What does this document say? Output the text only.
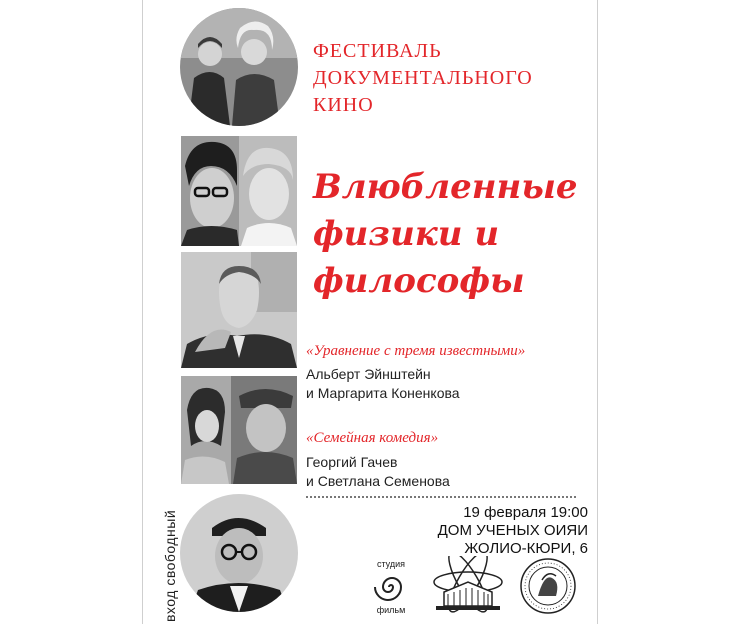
ФЕСТИВАЛЬ
ДОКУМЕНТАЛЬНОГО
КИНО
Влюбленные
физики и
философы
«Уравнение с тремя известными»
Альберт Эйнштейн
и Маргарита Коненкова
«Семейная комедия»
Георгий Гачев
и Светлана Семенова
19 февраля 19:00
ДОМ УЧЕНЫХ ОИЯИ
ЖОЛИО-КЮРИ, 6
вход свободный	студия
фильм
